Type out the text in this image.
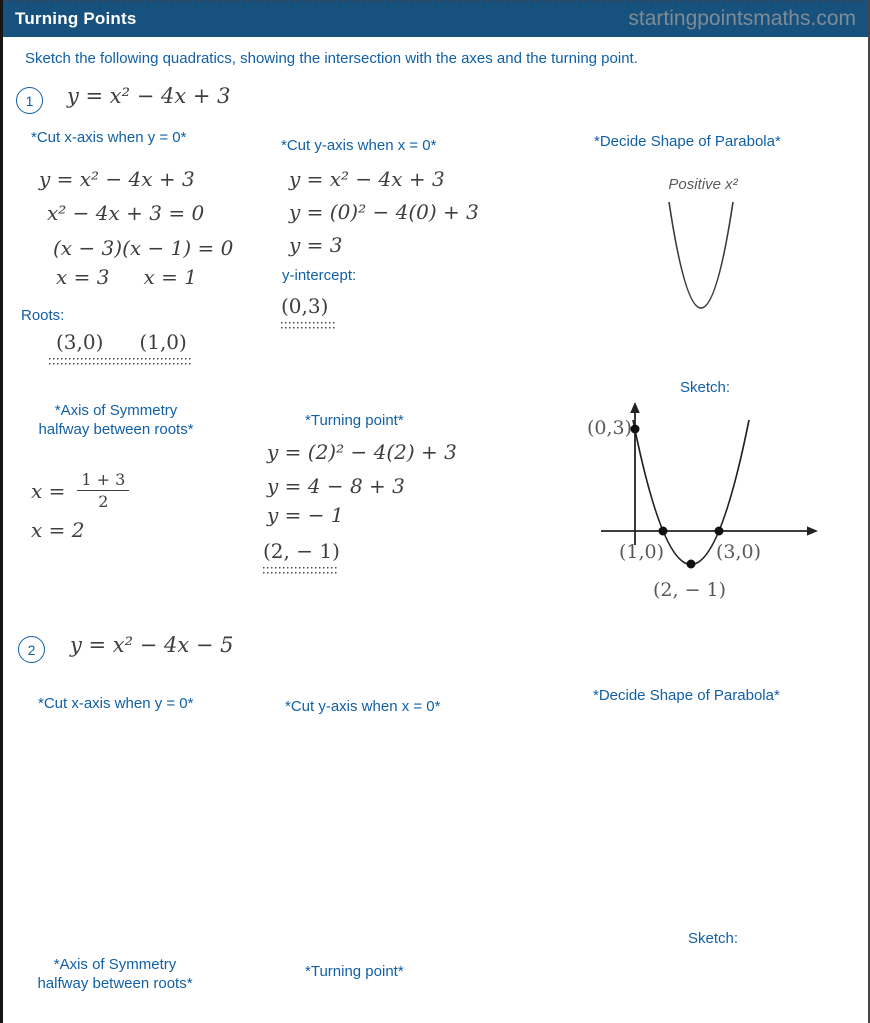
Turning Points	startingpointsmaths.com
Sketch the following quadratics, showing the intersection with the axes and the turning point.
1 y = x² − 4x + 3
*Cut x-axis when y = 0*
y = x² − 4x + 3
x² − 4x + 3 = 0
(x − 3)(x − 1) = 0
x = 3 x = 1
Roots:
(3,0) (1,0)
*Cut y-axis when x = 0*
y = x² − 4x + 3
y = (0)² − 4(0) + 3
y = 3
y-intercept:
(0,3)
*Decide Shape of Parabola*
Positive x²
*Axis of Symmetry
halfway between roots*
$x = \frac{1 + 3}{2}$
x = 2
*Turning point*
y = (2)² − 4(2) + 3
y = 4 − 8 + 3
y = − 1
(2, − 1)
Sketch:
(0,3)
(1,0)	(3,0)
(2, − 1)
2 y = x² − 4x − 5
*Cut x-axis when y = 0*	*Cut y-axis when x = 0*
*Decide Shape of Parabola*
Sketch:
*Axis of Symmetry
halfway between roots*
*Turning point*
